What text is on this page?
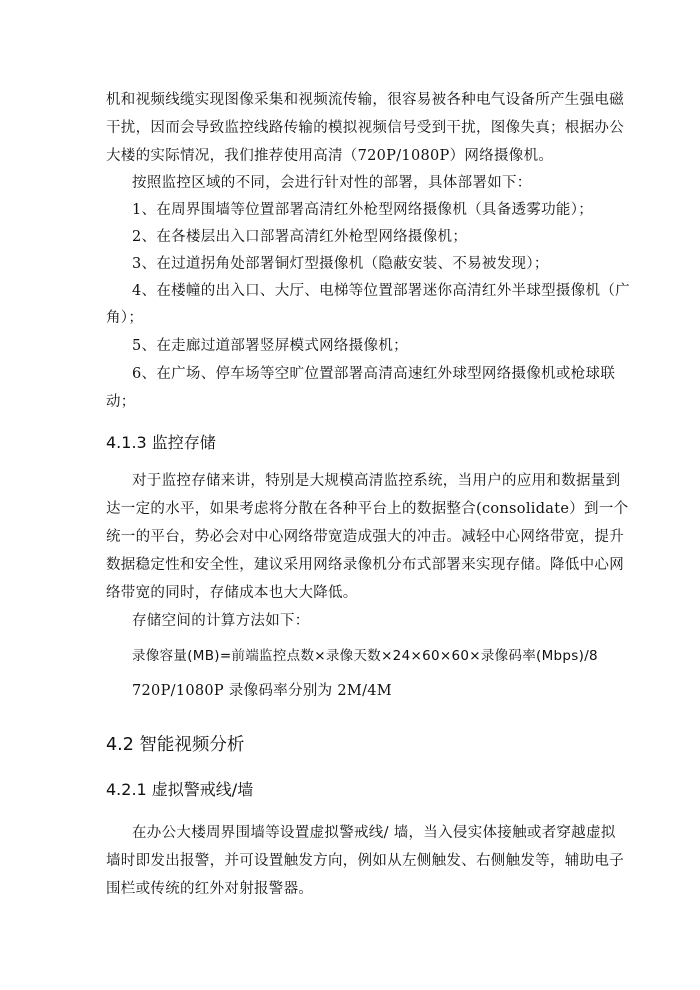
机和视频线缆实现图像采集和视频流传输，很容易被各种电气设备所产生强电磁
干扰，因而会导致监控线路传输的模拟视频信号受到干扰，图像失真；根据办公
大楼的实际情况，我们推荐使用高清（720P/1080P）网络摄像机。
按照监控区域的不同，会进行针对性的部署，具体部署如下：
1、在周界围墙等位置部署高清红外枪型网络摄像机（具备透雾功能）；
2、在各楼层出入口部署高清红外枪型网络摄像机；
3、在过道拐角处部署铜灯型摄像机（隐蔽安装、不易被发现）；
4、在楼幢的出入口、大厅、电梯等位置部署迷你高清红外半球型摄像机（广
角）；
5、在走廊过道部署竖屏模式网络摄像机；
6、在广场、停车场等空旷位置部署高清高速红外球型网络摄像机或枪球联
动；
4.1.3 监控存储
对于监控存储来讲，特别是大规模高清监控系统，当用户的应用和数据量到
达一定的水平，如果考虑将分散在各种平台上的数据整合(consolidate）到一个
统一的平台，势必会对中心网络带宽造成强大的冲击。减轻中心网络带宽，提升
数据稳定性和安全性，建议采用网络录像机分布式部署来实现存储。降低中心网
络带宽的同时，存储成本也大大降低。
存储空间的计算方法如下：
录像容量(MB)=前端监控点数×录像天数×24×60×60×录像码率(Mbps)/8
720P/1080P 录像码率分别为 2M/4M
4.2 智能视频分析
4.2.1 虚拟警戒线/墙
在办公大楼周界围墙等设置虚拟警戒线/ 墙，当入侵实体接触或者穿越虚拟
墙时即发出报警，并可设置触发方向，例如从左侧触发、右侧触发等，辅助电子
围栏或传统的红外对射报警器。
